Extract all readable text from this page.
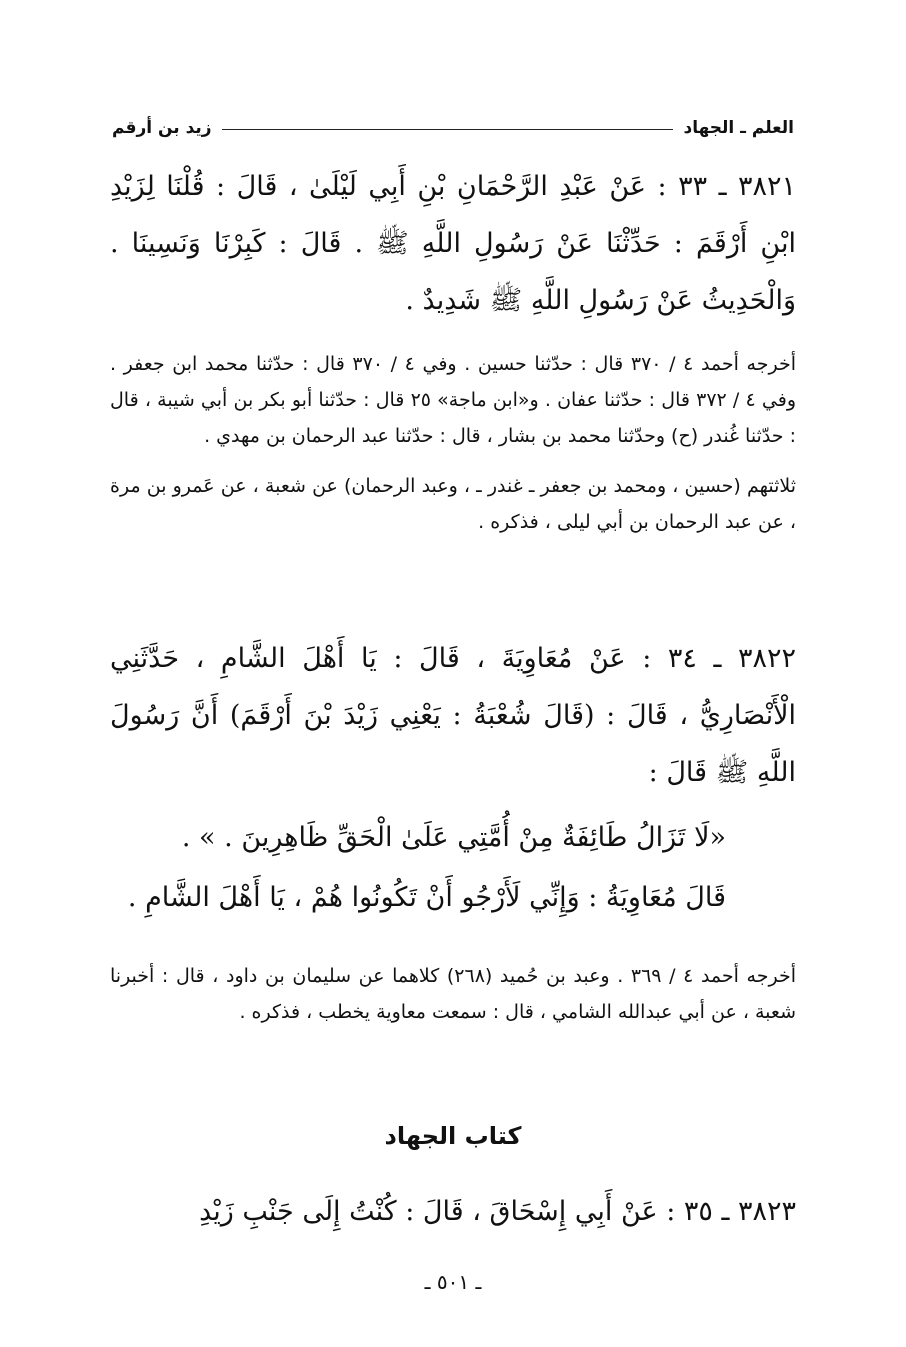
العلم ـ الجهاد
زيد بن أرقم

٣٨٢١ ـ ٣٣ : عَنْ عَبْدِ الرَّحْمَانِ بْنِ أَبِي لَيْلَىٰ ، قَالَ : قُلْنَا لِزَيْدِ ابْنِ أَرْقَمَ : حَدِّثْنَا عَنْ رَسُولِ اللَّهِ ﷺ . قَالَ : كَبِرْنَا وَنَسِينَا . وَالْحَدِيثُ عَنْ رَسُولِ اللَّهِ ﷺ شَدِيدٌ .

أخرجه أحمد ٤ / ٣٧٠ قال : حدّثنا حسين . وفي ٤ / ٣٧٠ قال : حدّثنا محمد ابن جعفر . وفي ٤ / ٣٧٢ قال : حدّثنا عفان . و«ابن ماجة» ٢٥ قال : حدّثنا أبو بكر بن أبي شيبة ، قال : حدّثنا غُندر (ح) وحدّثنا محمد بن بشار ، قال : حدّثنا عبد الرحمان بن مهدي .

ثلاثتهم (حسين ، ومحمد بن جعفر ـ غندر ـ ، وعبد الرحمان) عن شعبة ، عن عَمرو بن مرة ، عن عبد الرحمان بن أبي ليلى ، فذكره .

٣٨٢٢ ـ ٣٤ : عَنْ مُعَاوِيَةَ ، قَالَ : يَا أَهْلَ الشَّامِ ، حَدَّثَنِي الْأَنْصَارِيُّ ، قَالَ : (قَالَ شُعْبَةُ : يَعْنِي زَيْدَ بْنَ أَرْقَمَ) أَنَّ رَسُولَ اللَّهِ ﷺ قَالَ :

«لَا تَزَالُ طَائِفَةٌ مِنْ أُمَّتِي عَلَىٰ الْحَقِّ ظَاهِرِينَ . » .

قَالَ مُعَاوِيَةُ : وَإِنِّي لَأَرْجُو أَنْ تَكُونُوا هُمْ ، يَا أَهْلَ الشَّامِ .

أخرجه أحمد ٤ / ٣٦٩ . وعبد بن حُميد (٢٦٨) كلاهما عن سليمان بن داود ، قال : أخبرنا شعبة ، عن أبي عبدالله الشامي ، قال : سمعت معاوية يخطب ، فذكره .

كتاب الجهاد

٣٨٢٣ ـ ٣٥ : عَنْ أَبِي إِسْحَاقَ ، قَالَ : كُنْتُ إِلَى جَنْبِ زَيْدِ

ـ ٥٠١ ـ
